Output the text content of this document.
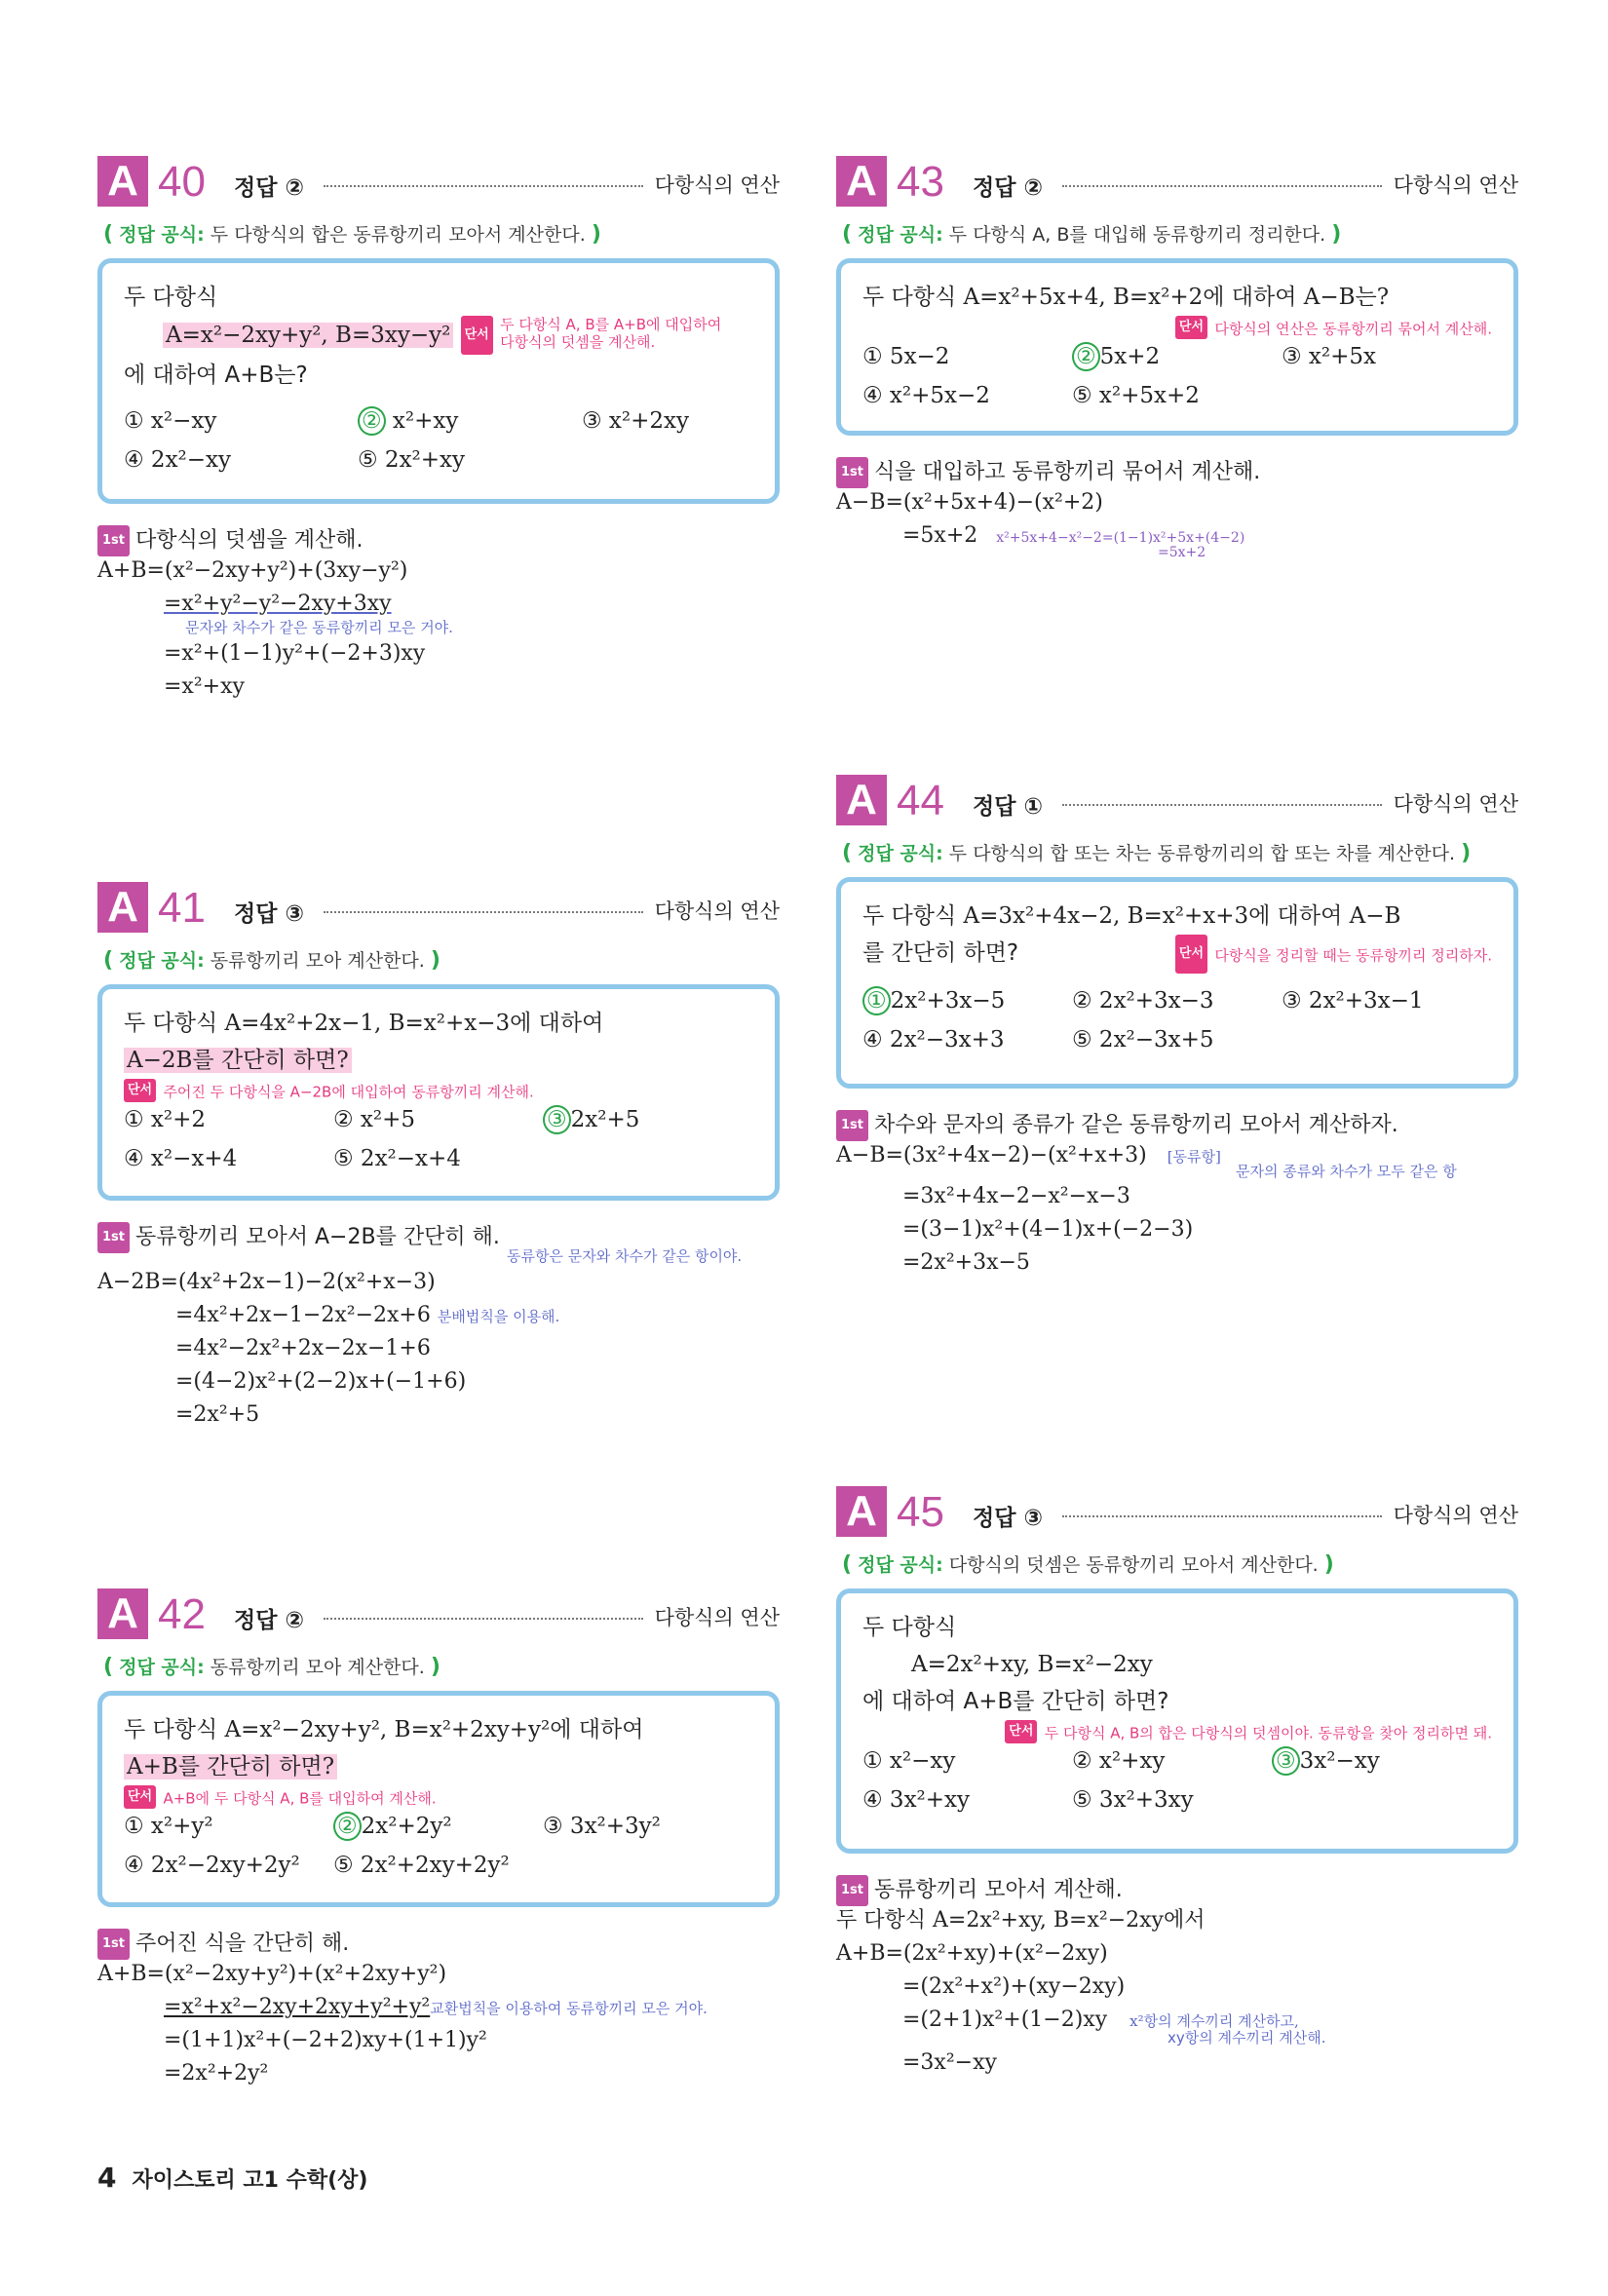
A 40 정답 ②	다항식의 연산
( 정답 공식: 두 다항식의 합은 동류항끼리 모아서 계산한다. )
두 다항식
A=x²−2xy+y², B=3xy−y² 단서 두 다항식 A, B를 A+B에 대입하여 다항식의 덧셈을 계산해.
에 대하여 A+B는?
① x²−xy	② x²+xy	③ x²+2xy
④ 2x²−xy	⑤ 2x²+xy
1st 다항식의 덧셈을 계산해.
A+B=(x²−2xy+y²)+(3xy−y²)
=x²+y²−y²−2xy+3xy
문자와 차수가 같은 동류항끼리 모은 거야.
=x²+(1−1)y²+(−2+3)xy
=x²+xy
A 41 정답 ③	다항식의 연산
( 정답 공식: 동류항끼리 모아 계산한다. )
두 다항식 A=4x²+2x−1, B=x²+x−3에 대하여
A−2B를 간단히 하면?
단서 주어진 두 다항식을 A−2B에 대입하여 동류항끼리 계산해.
① x²+2	② x²+5	③ 2x²+5
④ x²−x+4	⑤ 2x²−x+4
1st 동류항끼리 모아서 A−2B를 간단히 해.
동류항은 문자와 차수가 같은 항이야.
A−2B=(4x²+2x−1)−2(x²+x−3)
=4x²+2x−1−2x²−2x+6 분배법칙을 이용해.
=4x²−2x²+2x−2x−1+6
=(4−2)x²+(2−2)x+(−1+6)
=2x²+5
A 42 정답 ②	다항식의 연산
( 정답 공식: 동류항끼리 모아 계산한다. )
두 다항식 A=x²−2xy+y², B=x²+2xy+y²에 대하여
A+B를 간단히 하면?
단서 A+B에 두 다항식 A, B를 대입하여 계산해.
① x²+y²	② 2x²+2y²	③ 3x²+3y²
④ 2x²−2xy+2y² ⑤ 2x²+2xy+2y²
1st 주어진 식을 간단히 해.
A+B=(x²−2xy+y²)+(x²+2xy+y²)
=x²+x²−2xy+2xy+y²+y²교환법칙을 이용하여 동류항끼리 모은 거야.
=(1+1)x²+(−2+2)xy+(1+1)y²
=2x²+2y²
A 43 정답 ②	다항식의 연산
( 정답 공식: 두 다항식 A, B를 대입해 동류항끼리 정리한다. )
두 다항식 A=x²+5x+4, B=x²+2에 대하여 A−B는?
단서 다항식의 연산은 동류항끼리 묶어서 계산해.
① 5x−2	② 5x+2	③ x²+5x
④ x²+5x−2	⑤ x²+5x+2
1st 식을 대입하고 동류항끼리 묶어서 계산해.
A−B=(x²+5x+4)−(x²+2)
=5x+2 x²+5x+4−x²−2=(1−1)x²+5x+(4−2)
=5x+2
A 44 정답 ①	다항식의 연산
( 정답 공식: 두 다항식의 합 또는 차는 동류항끼리의 합 또는 차를 계산한다. )
두 다항식 A=3x²+4x−2, B=x²+x+3에 대하여 A−B
를 간단히 하면?	단서 다항식을 정리할 때는 동류항끼리 정리하자.
① 2x²+3x−5	② 2x²+3x−3	③ 2x²+3x−1
④ 2x²−3x+3	⑤ 2x²−3x+5
1st 차수와 문자의 종류가 같은 동류항끼리 모아서 계산하자.
A−B=(3x²+4x−2)−(x²+x+3) [동류항]
문자의 종류와 차수가 모두 같은 항
=3x²+4x−2−x²−x−3
=(3−1)x²+(4−1)x+(−2−3)
=2x²+3x−5
A 45 정답 ③	다항식의 연산
( 정답 공식: 다항식의 덧셈은 동류항끼리 모아서 계산한다. )
두 다항식
A=2x²+xy, B=x²−2xy
에 대하여 A+B를 간단히 하면?
단서 두 다항식 A, B의 합은 다항식의 덧셈이야. 동류항을 찾아 정리하면 돼.
① x²−xy	② x²+xy	③ 3x²−xy
④ 3x²+xy	⑤ 3x²+3xy
1st 동류항끼리 모아서 계산해.
두 다항식 A=2x²+xy, B=x²−2xy에서
A+B=(2x²+xy)+(x²−2xy)
=(2x²+x²)+(xy−2xy)
=(2+1)x²+(1−2)xy x²항의 계수끼리 계산하고,
xy항의 계수끼리 계산해.
=3x²−xy
4 자이스토리 고1 수학(상)
